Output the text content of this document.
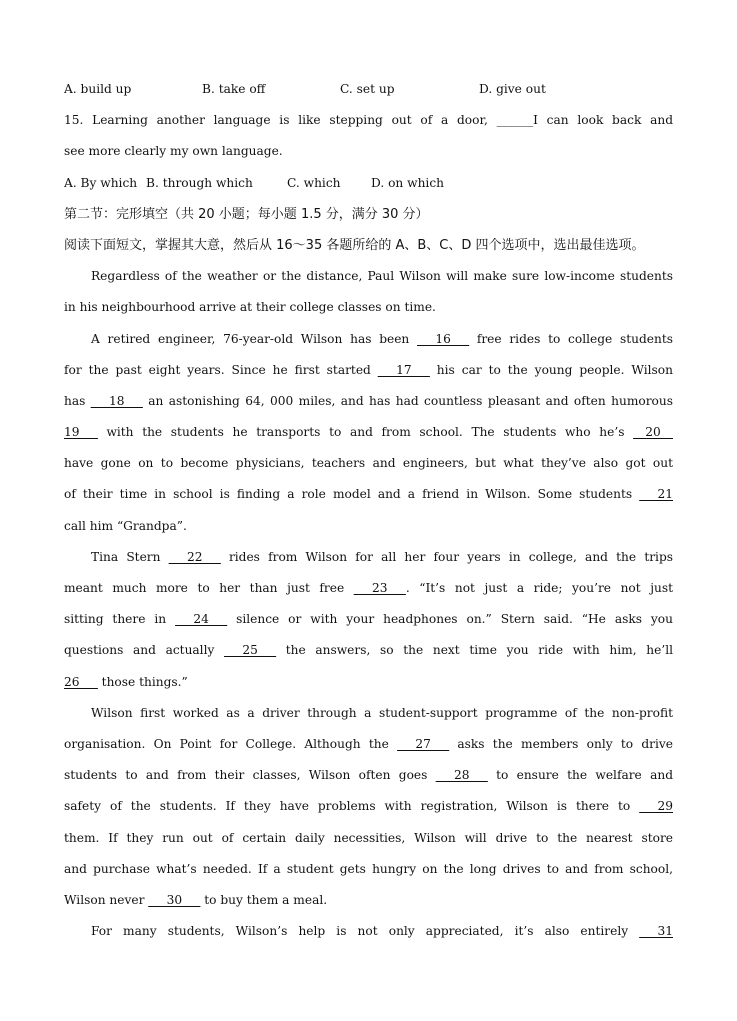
A. build up	B. take off	C. set up	D. give out
15. Learning another language is like stepping out of a door, ______I can look back and
see more clearly my own language.
A. By which B. through which	C. which	D. on which
第二节：完形填空（共 20 小题；每小题 1.5 分，满分 30 分）
阅读下面短文，掌握其大意，然后从 16～35 各题所给的 A、B、C、D 四个选项中，选出最佳选项。
Regardless of the weather or the distance, Paul Wilson will make sure low-income students
in his neighbourhood arrive at their college classes on time.
A retired engineer, 76-year-old Wilson has been ___16___ free rides to college students
for the past eight years. Since he first started ___17___ his car to the young people. Wilson
has ___18___ an astonishing 64, 000 miles, and has had countless pleasant and often humorous
19___ with the students he transports to and from school. The students who he’s __20__
have gone on to become physicians, teachers and engineers, but what they’ve also got out
of their time in school is finding a role model and a friend in Wilson. Some students ___21
call him “Grandpa”.
Tina Stern ___22___ rides from Wilson for all her four years in college, and the trips
meant much more to her than just free ___23___. “It’s not just a ride; you’re not just
sitting there in ___24___ silence or with your headphones on.” Stern said. “He asks you
questions and actually ___25___ the answers, so the next time you ride with him, he’ll
26___ those things.”
Wilson first worked as a driver through a student-support programme of the non-profit
organisation. On Point for College. Although the ___27___ asks the members only to drive
students to and from their classes, Wilson often goes ___28___ to ensure the welfare and
safety of the students. If they have problems with registration, Wilson is there to ___29
them. If they run out of certain daily necessities, Wilson will drive to the nearest store
and purchase what’s needed. If a student gets hungry on the long drives to and from school,
Wilson never ___30___ to buy them a meal.
For many students, Wilson’s help is not only appreciated, it’s also entirely ___31
